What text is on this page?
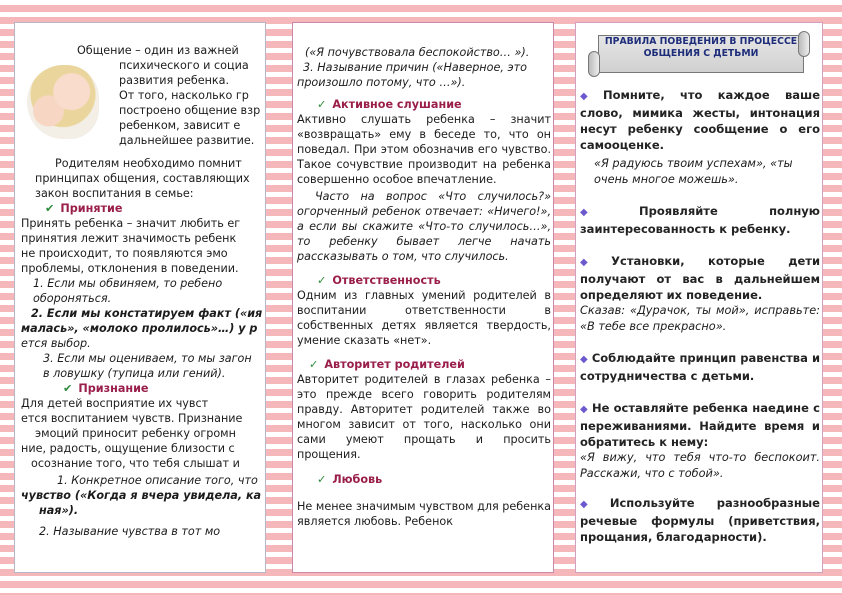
Общение – один из важней

психического и социа

развития ребенка.

От того, насколько гр

построено общение взр

ребенком, зависит е

дальнейшее развитие.

Родителям необходимо помнит

принципах общения, составляющих

закон воспитания в семье:

✔ Принятие

Принять ребенка – значит любить ег

принятия лежит значимость ребенк

не происходит, то появляются эмо

проблемы, отклонения в поведении.

1. Если мы обвиняем, то ребено

обороняться.

2. Если мы констатируем факт («ия

малась», «молоко пролилось»…) у р

ется выбор.

3. Если мы оцениваем, то мы загон

в ловушку (тупица или гений).

✔ Признание

Для детей восприятие их чувст

ется воспитанием чувств. Признание

эмоций приносит ребенку огромн

ние, радость, ощущение близости с

осознание того, что тебя слышат и

1. Конкретное описание того, что

чувство («Когда я вчера увидела, ка

ная»).

2. Называние чувства в тот мо

(«Я почувствовала беспокойство… »).

3. Называние причин («Наверное, это

произошло потому, что …»).

✓ Активное слушание

Активно слушать ребенка – значит «возвращать» ему в беседе то, что он поведал. При этом обозначив его чувство. Такое сочувствие производит на ребенка совершенно особое впечатление.

Часто на вопрос «Что случилось?» огорченный ребенок отвечает: «Ничего!», а если вы скажите «Что-то случилось…», то ребенку бывает легче начать рассказывать о том, что случилось.

✓ Ответственность

Одним из главных умений родителей в воспитании ответственности в собственных детях является твердость, умение сказать «нет».

✓ Авторитет родителей

Авторитет родителей в глазах ребенка – это прежде всего говорить родителям правду. Авторитет родителей также во многом зависит от того, насколько они сами умеют прощать и просить прощения.

✓ Любовь

Не менее значимым чувством для ребенка является любовь. Ребенок

ПРАВИЛА ПОВЕДЕНИЯ В ПРОЦЕССЕ ОБЩЕНИЯ С ДЕТЬМИ

◆ Помните, что каждое ваше слово, мимика жесты, интонация несут ребенку сообщение о его самооценке.

«Я радуюсь твоим успехам», «ты очень многое можешь».

◆ Проявляйте полную заинтересованность к ребенку.

◆ Установки, которые дети получают от вас в дальнейшем определяют их поведение.

Сказав: «Дурачок, ты мой», исправьте: «В тебе все прекрасно».

◆ Соблюдайте принцип равенства и сотрудничества с детьми.

◆ Не оставляйте ребенка наедине с переживаниями. Найдите время и обратитесь к нему:

«Я вижу, что тебя что-то беспокоит. Расскажи, что с тобой».

◆ Используйте разнообразные речевые формулы (приветствия, прощания, благодарности).
